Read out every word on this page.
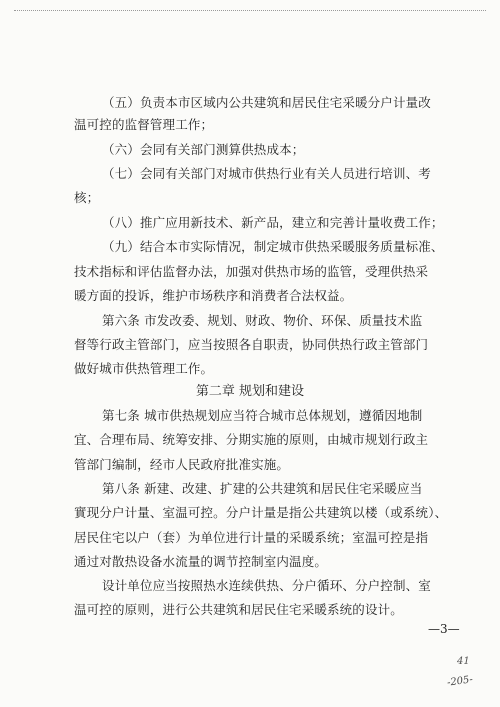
（五）负责本市区域内公共建筑和居民住宅采暖分户计量改
温可控的监督管理工作；
（六）会同有关部门测算供热成本；
（七）会同有关部门对城市供热行业有关人员进行培训、考
核；
（八）推广应用新技术、新产品，建立和完善计量收费工作；
（九）结合本市实际情况，制定城市供热采暖服务质量标准、
技术指标和评估监督办法，加强对供热市场的监管，受理供热采
暖方面的投诉，维护市场秩序和消费者合法权益。
第六条 市发改委、规划、财政、物价、环保、质量技术监
督等行政主管部门，应当按照各自职责，协同供热行政主管部门
做好城市供热管理工作。
第二章 规划和建设
第七条 城市供热规划应当符合城市总体规划，遵循因地制
宜、合理布局、统筹安排、分期实施的原则，由城市规划行政主
管部门编制，经市人民政府批准实施。
第八条 新建、改建、扩建的公共建筑和居民住宅采暖应当
實现分户计量、室温可控。分户计量是指公共建筑以楼（或系统）、
居民住宅以户（套）为单位进行计量的采暖系统；室温可控是指
通过对散热设备水流量的调节控制室内温度。
设计单位应当按照热水连续供热、分户循环、分户控制、室
温可控的原则，进行公共建筑和居民住宅采暖系统的设计。
—3—
41
-205-
